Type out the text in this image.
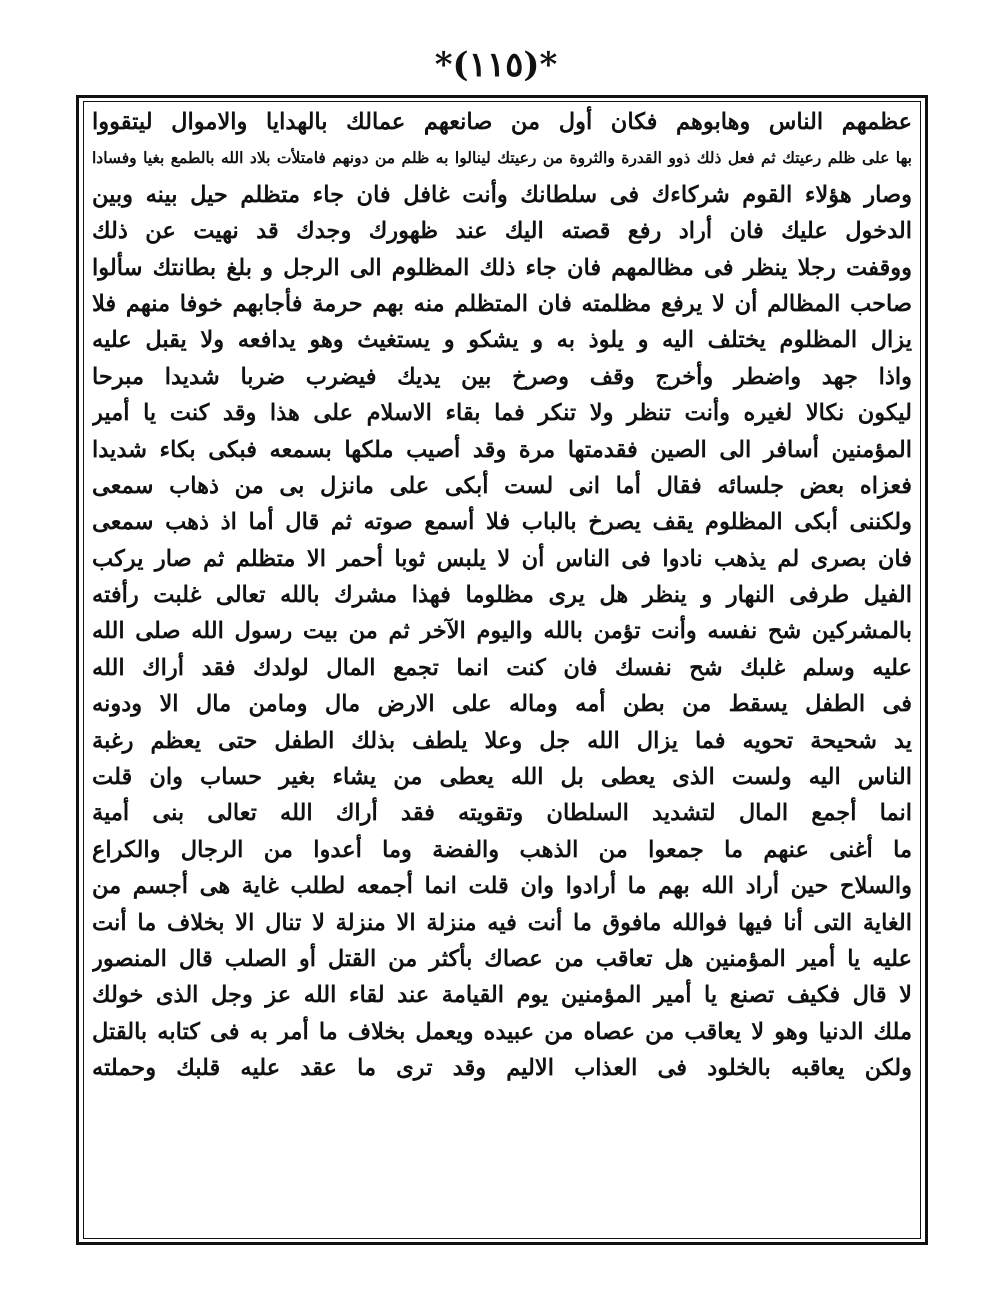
*(١١٥)*
عظمهم الناس وهابوهم فكان أول من صانعهم عمالك بالهدايا والاموال ليتقووا
بها على ظلم رعيتك ثم فعل ذلك ذوو القدرة والثروة من رعيتك لينالوا به ظلم من دونهم فامتلأت بلاد الله بالطمع بغيا وفسادا
وصار هؤلاء القوم شركاءك فى سلطانك وأنت غافل فان جاء متظلم حيل بينه وبين
الدخول عليك فان أراد رفع قصته اليك عند ظهورك وجدك قد نهيت عن ذلك
ووقفت رجلا ينظر فى مظالمهم فان جاء ذلك المظلوم الى الرجل و بلغ بطانتك سألوا
صاحب المظالم أن لا يرفع مظلمته فان المتظلم منه بهم حرمة فأجابهم خوفا منهم فلا
يزال المظلوم يختلف اليه و يلوذ به و يشكو و يستغيث وهو يدافعه ولا يقبل عليه
واذا جهد واضطر وأخرج وقف وصرخ بين يديك فيضرب ضربا شديدا مبرحا
ليكون نكالا لغيره وأنت تنظر ولا تنكر فما بقاء الاسلام على هذا وقد كنت يا أمير
المؤمنين أسافر الى الصين فقدمتها مرة وقد أصيب ملكها بسمعه فبكى بكاء شديدا
فعزاه بعض جلسائه فقال أما انى لست أبكى على مانزل بى من ذهاب سمعى
ولكننى أبكى المظلوم يقف يصرخ بالباب فلا أسمع صوته ثم قال أما اذ ذهب سمعى
فان بصرى لم يذهب نادوا فى الناس أن لا يلبس ثوبا أحمر الا متظلم ثم صار يركب
الفيل طرفى النهار و ينظر هل يرى مظلوما فهذا مشرك بالله تعالى غلبت رأفته
بالمشركين شح نفسه وأنت تؤمن بالله واليوم الآخر ثم من بيت رسول الله صلى الله
عليه وسلم غلبك شح نفسك فان كنت انما تجمع المال لولدك فقد أراك الله
فى الطفل يسقط من بطن أمه وماله على الارض مال ومامن مال الا ودونه
يد شحيحة تحويه فما يزال الله جل وعلا يلطف بذلك الطفل حتى يعظم رغبة
الناس اليه ولست الذى يعطى بل الله يعطى من يشاء بغير حساب وان قلت
انما أجمع المال لتشديد السلطان وتقويته فقد أراك الله تعالى بنى أمية
ما أغنى عنهم ما جمعوا من الذهب والفضة وما أعدوا من الرجال والكراع
والسلاح حين أراد الله بهم ما أرادوا وان قلت انما أجمعه لطلب غاية هى أجسم من
الغاية التى أنا فيها فوالله مافوق ما أنت فيه منزلة الا منزلة لا تنال الا بخلاف ما أنت
عليه يا أمير المؤمنين هل تعاقب من عصاك بأكثر من القتل أو الصلب قال المنصور
لا قال فكيف تصنع يا أمير المؤمنين يوم القيامة عند لقاء الله عز وجل الذى خولك
ملك الدنيا وهو لا يعاقب من عصاه من عبيده ويعمل بخلاف ما أمر به فى كتابه بالقتل
ولكن يعاقبه بالخلود فى العذاب الاليم وقد ترى ما عقد عليه قلبك وحملته
